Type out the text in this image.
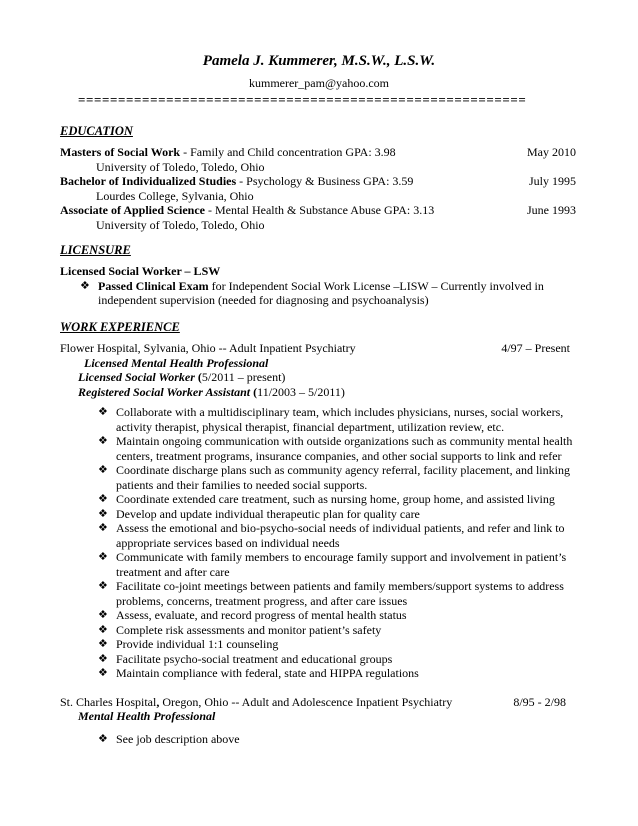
Pamela J. Kummerer, M.S.W., L.S.W.
kummerer_pam@yahoo.com
========================================================
EDUCATION
Masters of Social Work - Family and Child concentration GPA: 3.98	May 2010
University of Toledo, Toledo, Ohio
Bachelor of Individualized Studies - Psychology & Business GPA: 3.59	July 1995
Lourdes College, Sylvania, Ohio
Associate of Applied Science - Mental Health & Substance Abuse GPA: 3.13	June 1993
University of Toledo, Toledo, Ohio
LICENSURE
Licensed Social Worker – LSW
❖ Passed Clinical Exam for Independent Social Work License –LISW – Currently involved in independent supervision (needed for diagnosing and psychoanalysis)
WORK EXPERIENCE
Flower Hospital, Sylvania, Ohio -- Adult Inpatient Psychiatry	4/97 – Present
Licensed Mental Health Professional
Licensed Social Worker (5/2011 – present)
Registered Social Worker Assistant (11/2003 – 5/2011)
❖ Collaborate with a multidisciplinary team, which includes physicians, nurses, social workers, activity therapist, physical therapist, financial department, utilization review, etc.
❖ Maintain ongoing communication with outside organizations such as community mental health centers, treatment programs, insurance companies, and other social supports to link and refer
❖ Coordinate discharge plans such as community agency referral, facility placement, and linking patients and their families to needed social supports.
❖ Coordinate extended care treatment, such as nursing home, group home, and assisted living
❖ Develop and update individual therapeutic plan for quality care
❖ Assess the emotional and bio-psycho-social needs of individual patients, and refer and link to appropriate services based on individual needs
❖ Communicate with family members to encourage family support and involvement in patient’s treatment and after care
❖ Facilitate co-joint meetings between patients and family members/support systems to address problems, concerns, treatment progress, and after care issues
❖ Assess, evaluate, and record progress of mental health status
❖ Complete risk assessments and monitor patient’s safety
❖ Provide individual 1:1 counseling
❖ Facilitate psycho-social treatment and educational groups
❖ Maintain compliance with federal, state and HIPPA regulations
St. Charles Hospital, Oregon, Ohio -- Adult and Adolescence Inpatient Psychiatry	8/95 - 2/98
Mental Health Professional
❖ See job description above
